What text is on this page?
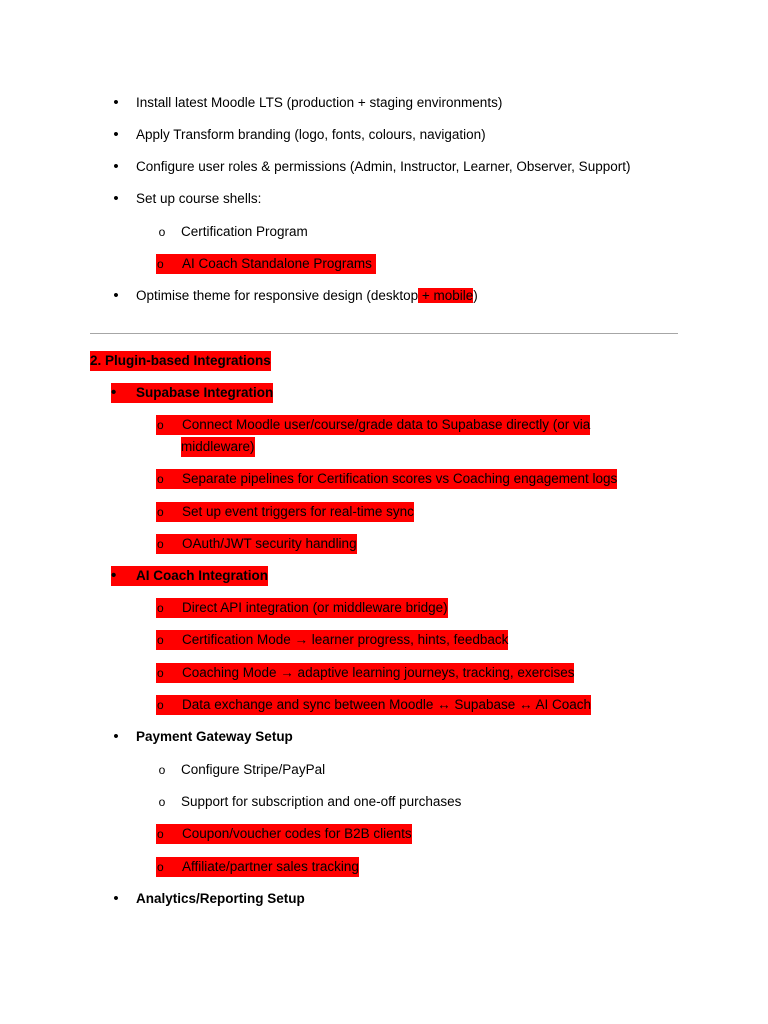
•
Install latest Moodle LTS (production + staging environments)
•
Apply Transform branding (logo, fonts, colours, navigation)
•
Configure user roles & permissions (Admin, Instructor, Learner, Observer, Support)
•
Set up course shells:
o
Certification Program
oAI Coach Standalone Programs
•
Optimise theme for responsive design (desktop + mobile)
2. Plugin-based Integrations
•Supabase Integration
oConnect Moodle user/course/grade data to Supabase directly (or via
middleware)
oSeparate pipelines for Certification scores vs Coaching engagement logs
oSet up event triggers for real-time sync
oOAuth/JWT security handling
•AI Coach Integration
oDirect API integration (or middleware bridge)
oCertification Mode → learner progress, hints, feedback
oCoaching Mode → adaptive learning journeys, tracking, exercises
oData exchange and sync between Moodle ↔ Supabase ↔ AI Coach
•
Payment Gateway Setup
o
Configure Stripe/PayPal
o
Support for subscription and one-off purchases
oCoupon/voucher codes for B2B clients
oAffiliate/partner sales tracking
•
Analytics/Reporting Setup
